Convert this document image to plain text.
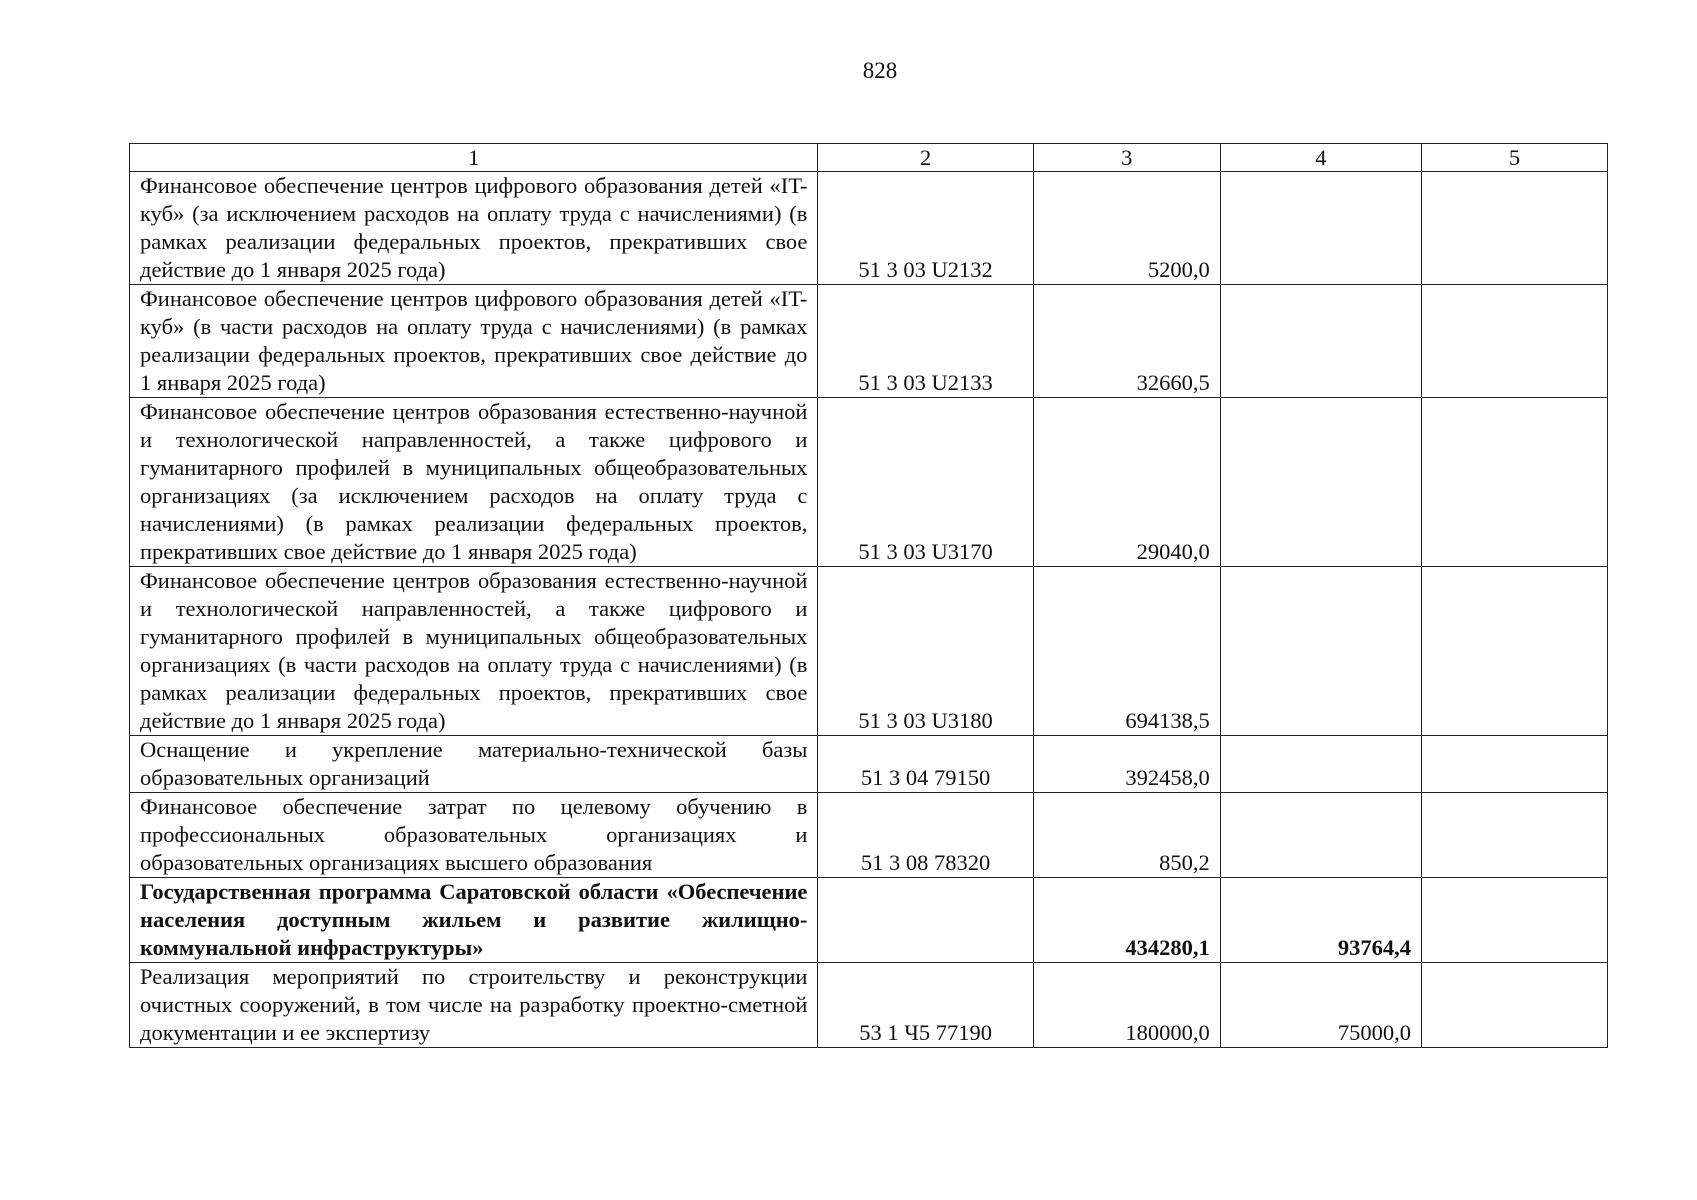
828
1	2	3	4	5
Финансовое обеспечение центров цифрового образования детей «IT-куб» (за исключением расходов на оплату труда с начислениями) (в рамках реализации федеральных проектов, прекративших свое действие до 1 января 2025 года)	51 3 03 U2132	5200,0		
Финансовое обеспечение центров цифрового образования детей «IT-куб» (в части расходов на оплату труда с начислениями) (в рамках реализации федеральных проектов, прекративших свое действие до 1 января 2025 года)	51 3 03 U2133	32660,5		
Финансовое обеспечение центров образования естественно-научной и технологической направленностей, а также цифрового и гуманитарного профилей в муниципальных общеобразовательных организациях (за исключением расходов на оплату труда с начислениями) (в рамках реализации федеральных проектов, прекративших свое действие до 1 января 2025 года)	51 3 03 U3170	29040,0		
Финансовое обеспечение центров образования естественно-научной и технологической направленностей, а также цифрового и гуманитарного профилей в муниципальных общеобразовательных организациях (в части расходов на оплату труда с начислениями) (в рамках реализации федеральных проектов, прекративших свое действие до 1 января 2025 года)	51 3 03 U3180	694138,5		
Оснащение и укрепление материально-технической базы образовательных организаций	51 3 04 79150	392458,0		
Финансовое обеспечение затрат по целевому обучению в профессиональных образовательных организациях и образовательных организациях высшего образования	51 3 08 78320	850,2		
Государственная программа Саратовской области «Обеспечение населения доступным жильем и развитие жилищно-коммунальной инфраструктуры»		434280,1	93764,4	
Реализация мероприятий по строительству и реконструкции очистных сооружений, в том числе на разработку проектно-сметной документации и ее экспертизу	53 1 Ч5 77190	180000,0	75000,0	
